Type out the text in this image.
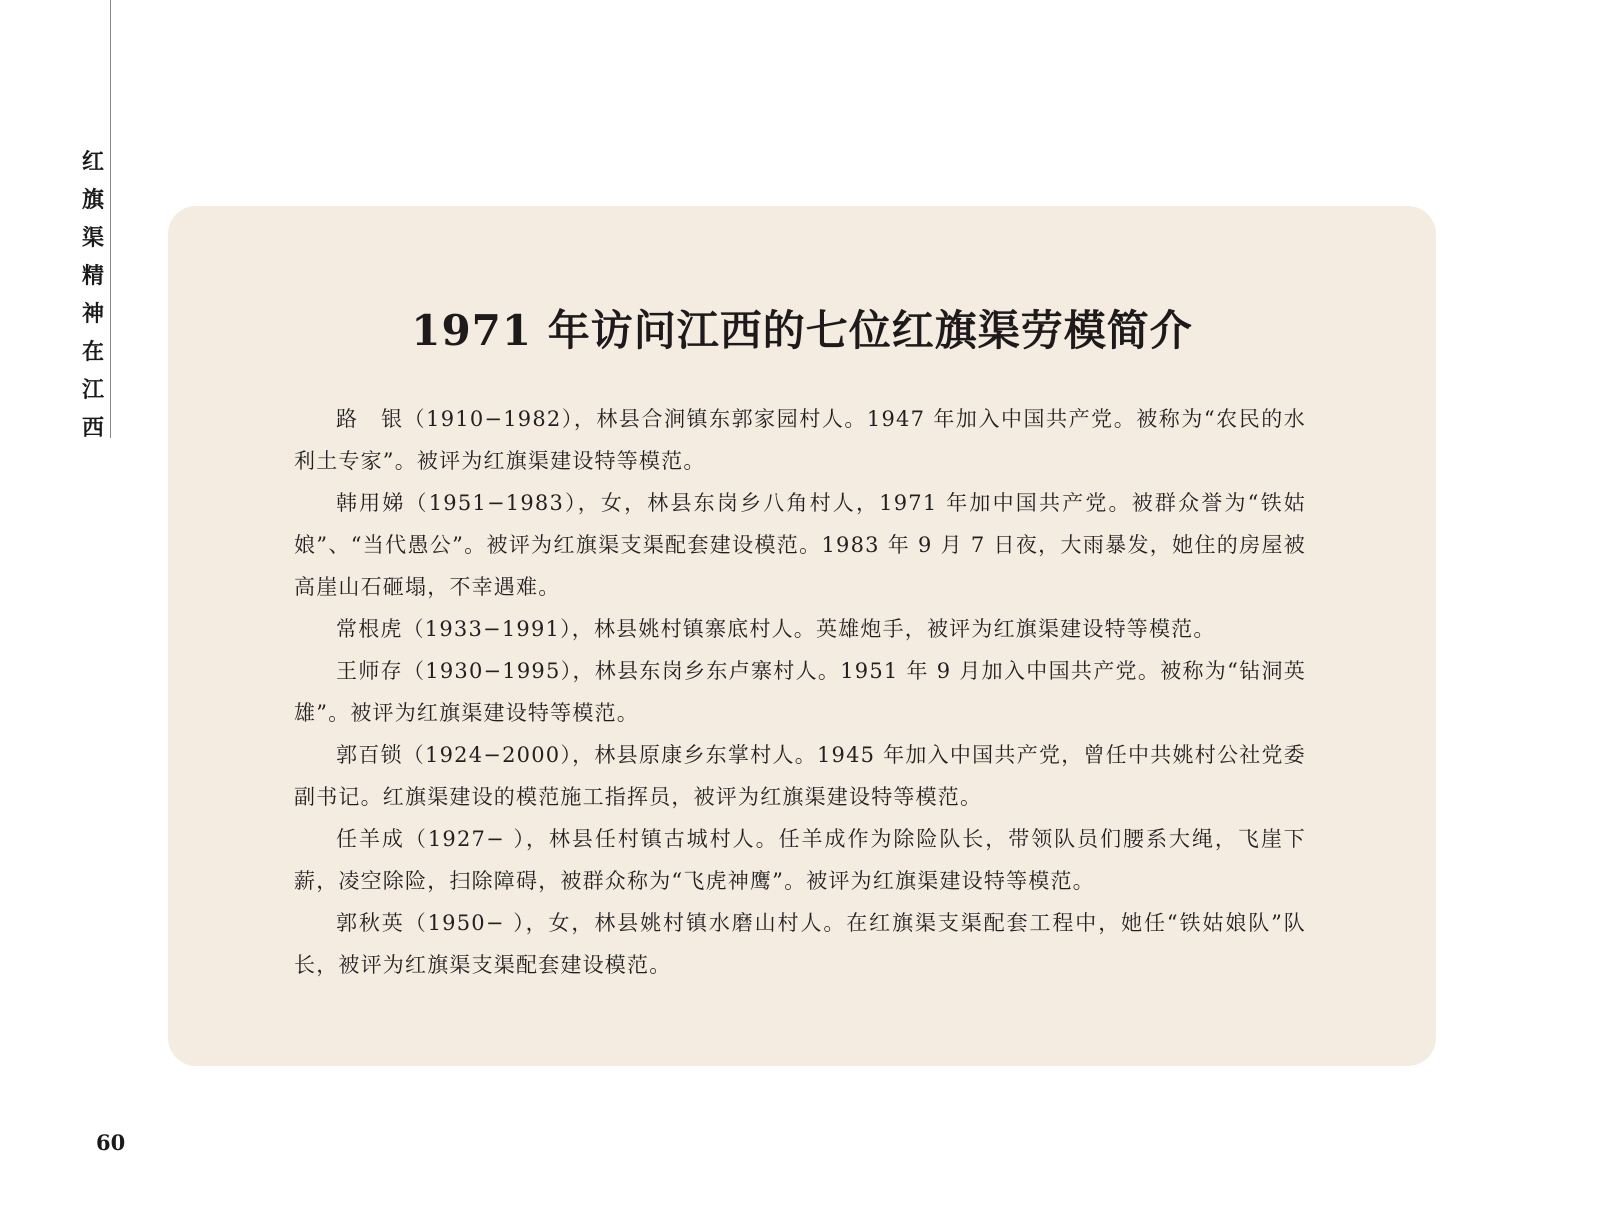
红
旗
渠
精
神
在
江
西
1971 年访问江西的七位红旗渠劳模简介

路　银（1910−1982），林县合涧镇东郭家园村人。1947 年加入中国共产党。被称为“农民的水利土专家”。被评为红旗渠建设特等模范。

韩用娣（1951−1983），女，林县东岗乡八角村人，1971 年加中国共产党。被群众誉为“铁姑娘”、“当代愚公”。被评为红旗渠支渠配套建设模范。1983 年 9 月 7 日夜，大雨暴发，她住的房屋被高崖山石砸塌，不幸遇难。

常根虎（1933−1991），林县姚村镇寨底村人。英雄炮手，被评为红旗渠建设特等模范。

王师存（1930−1995），林县东岗乡东卢寨村人。1951 年 9 月加入中国共产党。被称为“钻洞英雄”。被评为红旗渠建设特等模范。

郭百锁（1924−2000），林县原康乡东掌村人。1945 年加入中国共产党，曾任中共姚村公社党委副书记。红旗渠建设的模范施工指挥员，被评为红旗渠建设特等模范。

任羊成（1927− ），林县任村镇古城村人。任羊成作为除险队长，带领队员们腰系大绳，飞崖下薪，凌空除险，扫除障碍，被群众称为“飞虎神鹰”。被评为红旗渠建设特等模范。

郭秋英（1950− ），女，林县姚村镇水磨山村人。在红旗渠支渠配套工程中，她任“铁姑娘队”队长，被评为红旗渠支渠配套建设模范。

60
